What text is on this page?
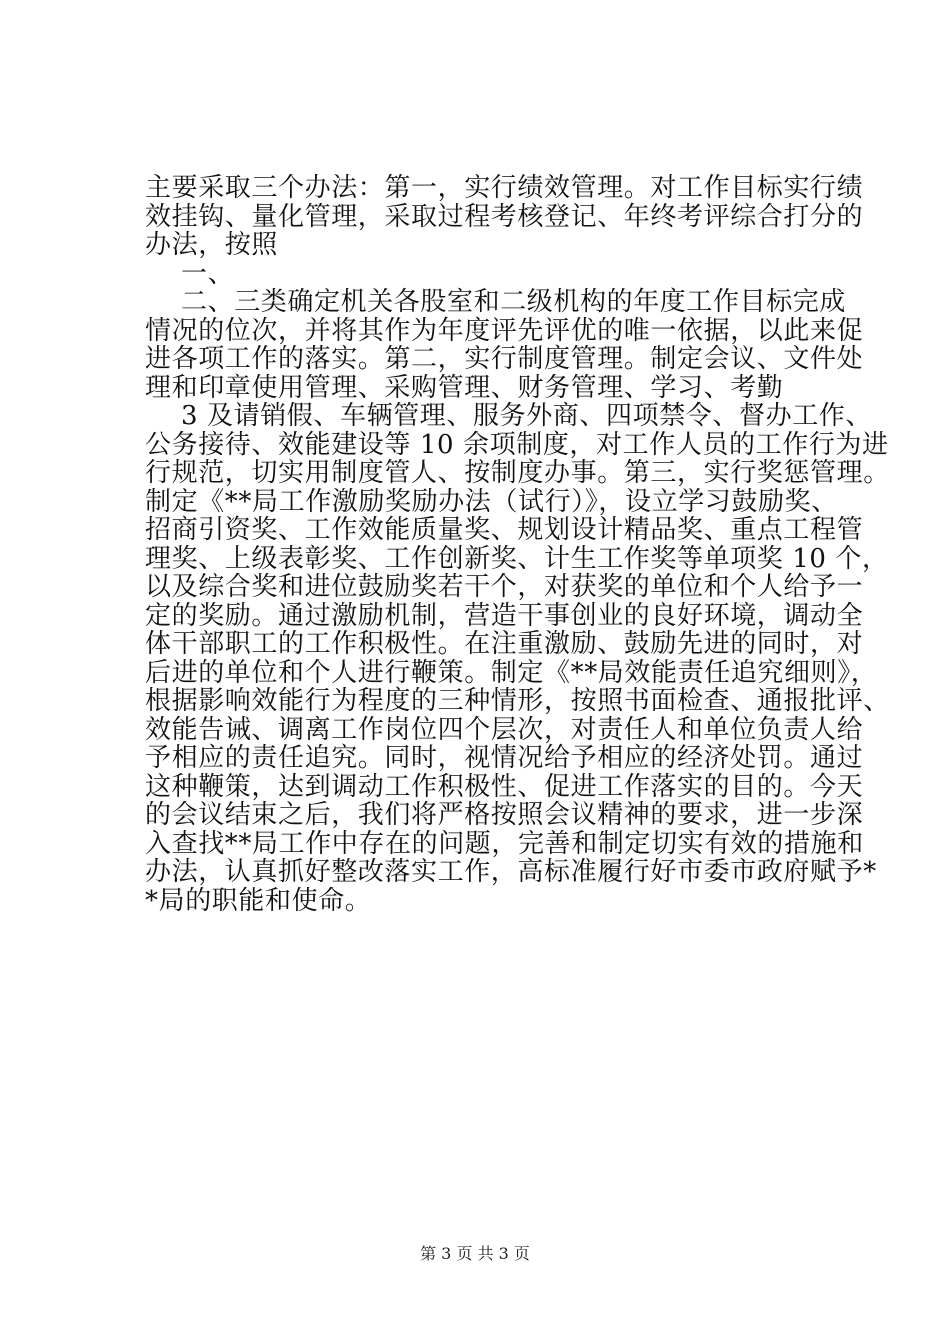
主要采取三个办法：第一，实行绩效管理。对工作目标实行绩
效挂钩、量化管理，采取过程考核登记、年终考评综合打分的
办法，按照
一、
二、三类确定机关各股室和二级机构的年度工作目标完成
情况的位次，并将其作为年度评先评优的唯一依据，以此来促
进各项工作的落实。第二，实行制度管理。制定会议、文件处
理和印章使用管理、采购管理、财务管理、学习、考勤
3 及请销假、车辆管理、服务外商、四项禁令、督办工作、
公务接待、效能建设等 10 余项制度，对工作人员的工作行为进
行规范，切实用制度管人、按制度办事。第三，实行奖惩管理。
制定《**局工作激励奖励办法（试行）》，设立学习鼓励奖、
招商引资奖、工作效能质量奖、规划设计精品奖、重点工程管
理奖、上级表彰奖、工作创新奖、计生工作奖等单项奖 10 个，
以及综合奖和进位鼓励奖若干个，对获奖的单位和个人给予一
定的奖励。通过激励机制，营造干事创业的良好环境，调动全
体干部职工的工作积极性。在注重激励、鼓励先进的同时，对
后进的单位和个人进行鞭策。制定《**局效能责任追究细则》，
根据影响效能行为程度的三种情形，按照书面检查、通报批评、
效能告诫、调离工作岗位四个层次，对责任人和单位负责人给
予相应的责任追究。同时，视情况给予相应的经济处罚。通过
这种鞭策，达到调动工作积极性、促进工作落实的目的。今天
的会议结束之后，我们将严格按照会议精神的要求，进一步深
入查找**局工作中存在的问题，完善和制定切实有效的措施和
办法，认真抓好整改落实工作，高标准履行好市委市政府赋予*
*局的职能和使命。
第 3 页 共 3 页
